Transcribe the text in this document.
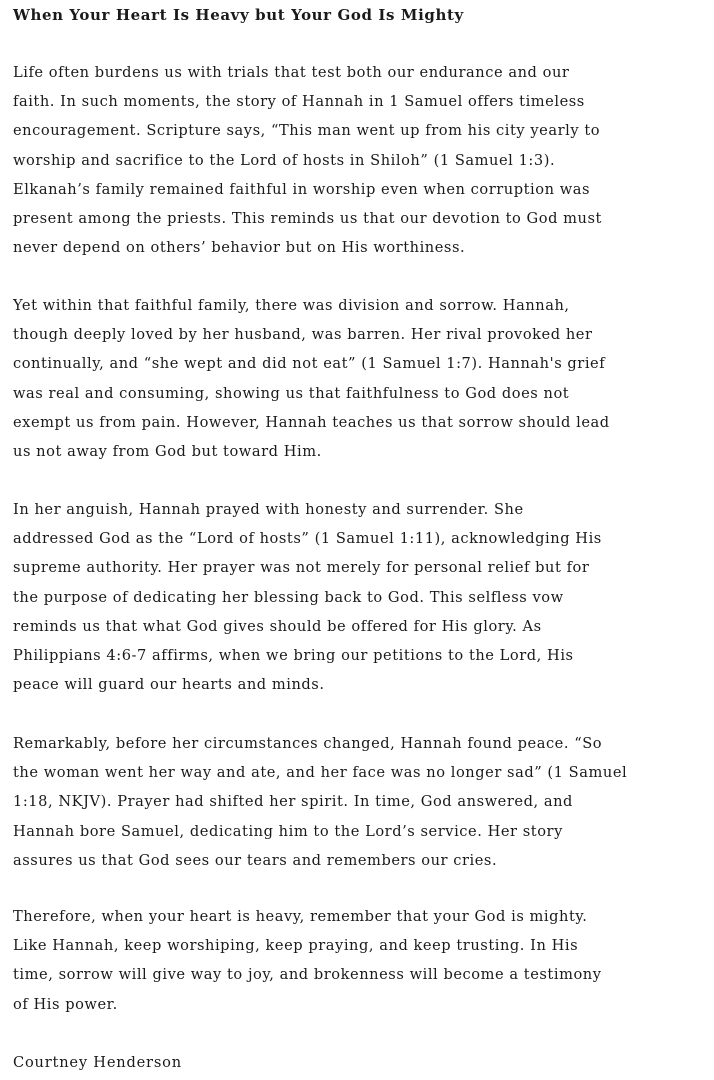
When Your Heart Is Heavy but Your God Is Mighty

Life often burdens us with trials that test both our endurance and our
faith. In such moments, the story of Hannah in 1 Samuel offers timeless
encouragement. Scripture says, “This man went up from his city yearly to
worship and sacrifice to the Lord of hosts in Shiloh” (1 Samuel 1:3).
Elkanah’s family remained faithful in worship even when corruption was
present among the priests. This reminds us that our devotion to God must
never depend on others’ behavior but on His worthiness.

Yet within that faithful family, there was division and sorrow. Hannah,
though deeply loved by her husband, was barren. Her rival provoked her
continually, and “she wept and did not eat” (1 Samuel 1:7). Hannah's grief
was real and consuming, showing us that faithfulness to God does not
exempt us from pain. However, Hannah teaches us that sorrow should lead
us not away from God but toward Him.

In her anguish, Hannah prayed with honesty and surrender. She
addressed God as the “Lord of hosts” (1 Samuel 1:11), acknowledging His
supreme authority. Her prayer was not merely for personal relief but for
the purpose of dedicating her blessing back to God. This selfless vow
reminds us that what God gives should be offered for His glory. As
Philippians 4:6-7 affirms, when we bring our petitions to the Lord, His
peace will guard our hearts and minds.

Remarkably, before her circumstances changed, Hannah found peace. “So
the woman went her way and ate, and her face was no longer sad” (1 Samuel
1:18, NKJV). Prayer had shifted her spirit. In time, God answered, and
Hannah bore Samuel, dedicating him to the Lord’s service. Her story
assures us that God sees our tears and remembers our cries.

Therefore, when your heart is heavy, remember that your God is mighty.
Like Hannah, keep worshiping, keep praying, and keep trusting. In His
time, sorrow will give way to joy, and brokenness will become a testimony
of His power.

Courtney Henderson
